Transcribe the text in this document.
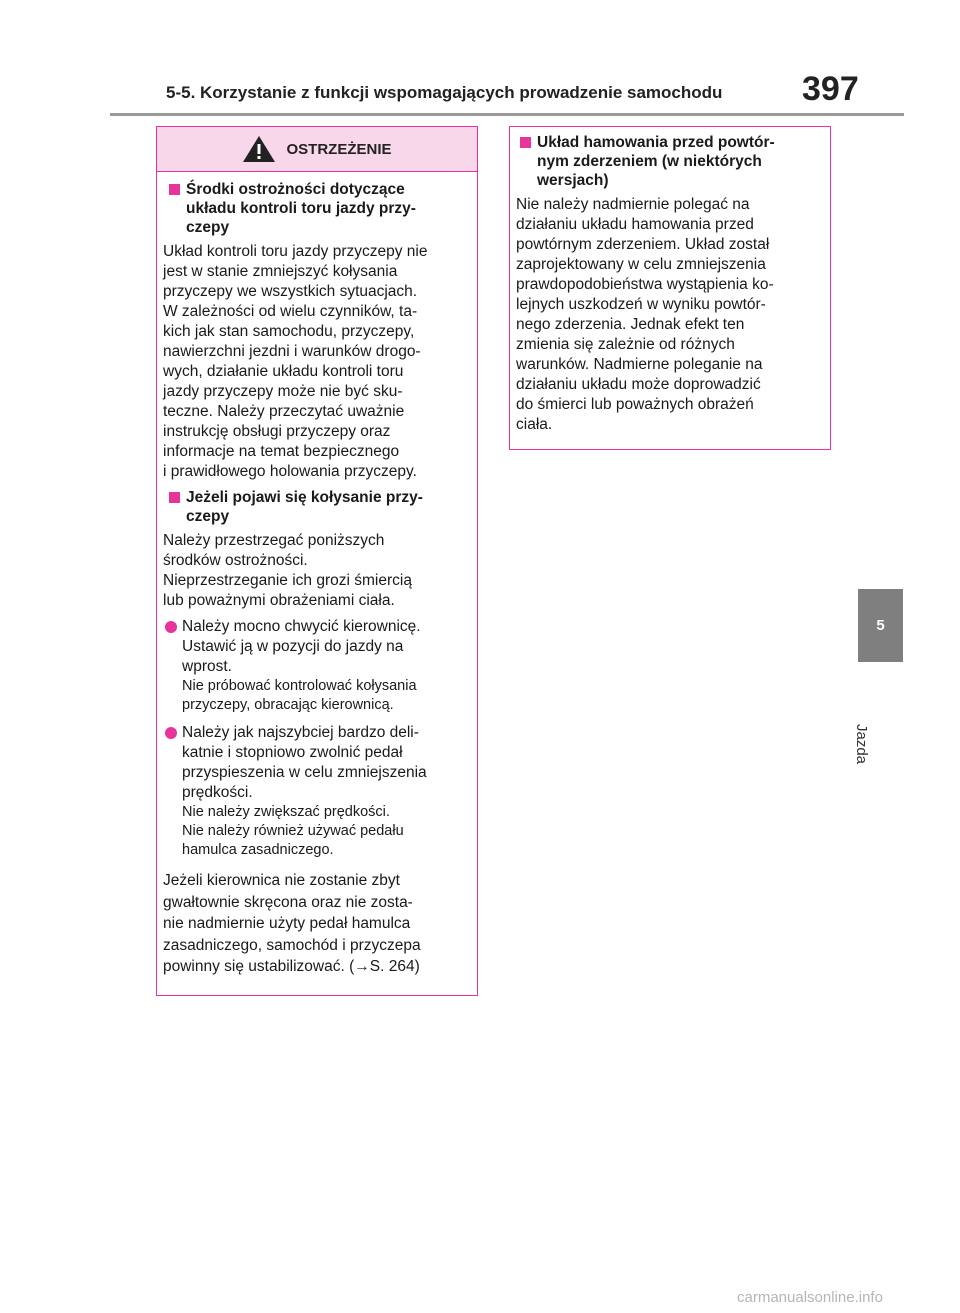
5-5. Korzystanie z funkcji wspomagających prowadzenie samochodu 397
5
Jazda
OSTRZEŻENIE
Środki ostrożności dotyczące
układu kontroli toru jazdy przy-
czepy

Układ kontroli toru jazdy przyczepy nie
jest w stanie zmniejszyć kołysania
przyczepy we wszystkich sytuacjach.
W zależności od wielu czynników, ta-
kich jak stan samochodu, przyczepy,
nawierzchni jezdni i warunków drogo-
wych, działanie układu kontroli toru
jazdy przyczepy może nie być sku-
teczne. Należy przeczytać uważnie
instrukcję obsługi przyczepy oraz
informacje na temat bezpiecznego
i prawidłowego holowania przyczepy.

Jeżeli pojawi się kołysanie przy-
czepy

Należy przestrzegać poniższych
środków ostrożności.
Nieprzestrzeganie ich grozi śmiercią
lub poważnymi obrażeniami ciała.

Należy mocno chwycić kierownicę.
Ustawić ją w pozycji do jazdy na
wprost.
Nie próbować kontrolować kołysania
przyczepy, obracając kierownicą.
Należy jak najszybciej bardzo deli-
katnie i stopniowo zwolnić pedał
przyspieszenia w celu zmniejszenia
prędkości.
Nie należy zwiększać prędkości.
Nie należy również używać pedału
hamulca zasadniczego.

Jeżeli kierownica nie zostanie zbyt
gwałtownie skręcona oraz nie zosta-
nie nadmiernie użyty pedał hamulca
zasadniczego, samochód i przyczepa
powinny się ustabilizować. (→S. 264)

Układ hamowania przed powtór-
nym zderzeniem (w niektórych
wersjach)

Nie należy nadmiernie polegać na
działaniu układu hamowania przed
powtórnym zderzeniem. Układ został
zaprojektowany w celu zmniejszenia
prawdopodobieństwa wystąpienia ko-
lejnych uszkodzeń w wyniku powtór-
nego zderzenia. Jednak efekt ten
zmienia się zależnie od różnych
warunków. Nadmierne poleganie na
działaniu układu może doprowadzić
do śmierci lub poważnych obrażeń
ciała.

carmanualsonline.info
